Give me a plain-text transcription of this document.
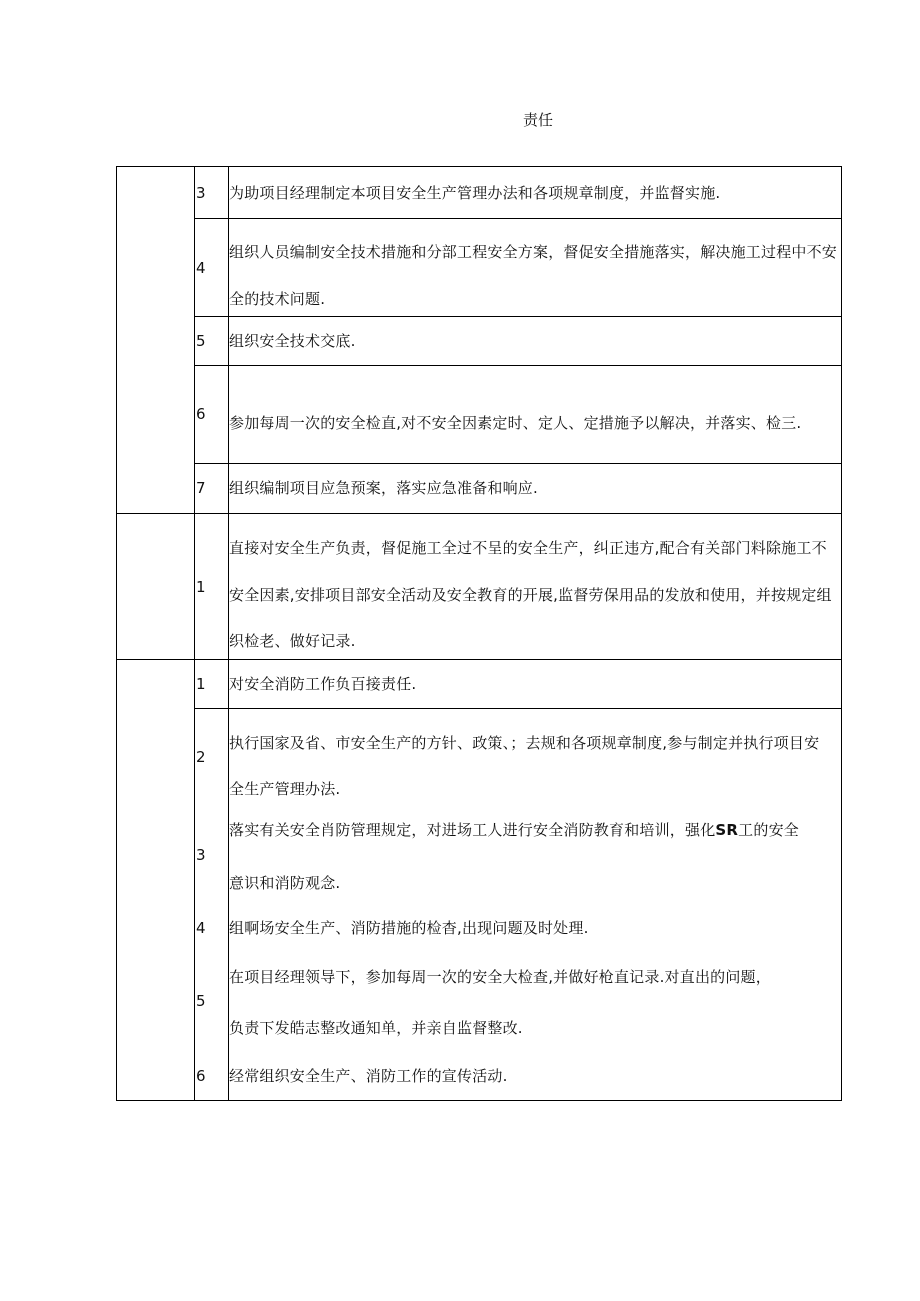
责任
3 为助项目经理制定本项目安全生产管理办法和各项规章制度，并监督实施.
4
组织人员编制安全技术措施和分部工程安全方案，督促安全措施落实，解决施工过程中不安
全的技术问题.
5 组织安全技术交底.
6 参加每周一次的安全检直,对不安全因素定时、定人、定措施予以解决，并落实、检三.
7 组织编制项目应急预案，落实应急准备和响应.
1
直接对安全生产负责，督促施工全过不呈的安全生产，纠正违方,配合有关部门料除施工不
安全因素,安排项目部安全活动及安全教育的开展,监督劳保用品的发放和使用，并按规定组
织检老、做好记录.
1 对安全消防工作负百接责任.
2
3
4
5
6
执行国家及省、市安全生产的方针、政策、；去规和各项规章制度,参与制定并执行项目安
全生产管理办法.
落实有关安全肖防管理规定，对进场工人进行安全消防教育和培训，强化SR工的安全
意识和消防观念.
组啊场安全生产、消防措施的检杳,出现问题及时处理.
在项目经理领导下，参加每周一次的安全大检查,并做好枪直记录.对直出的问题，
负责下发皓志整改通知单，并亲自监督整改.
经常组织安全生产、消防工作的宣传活动.
